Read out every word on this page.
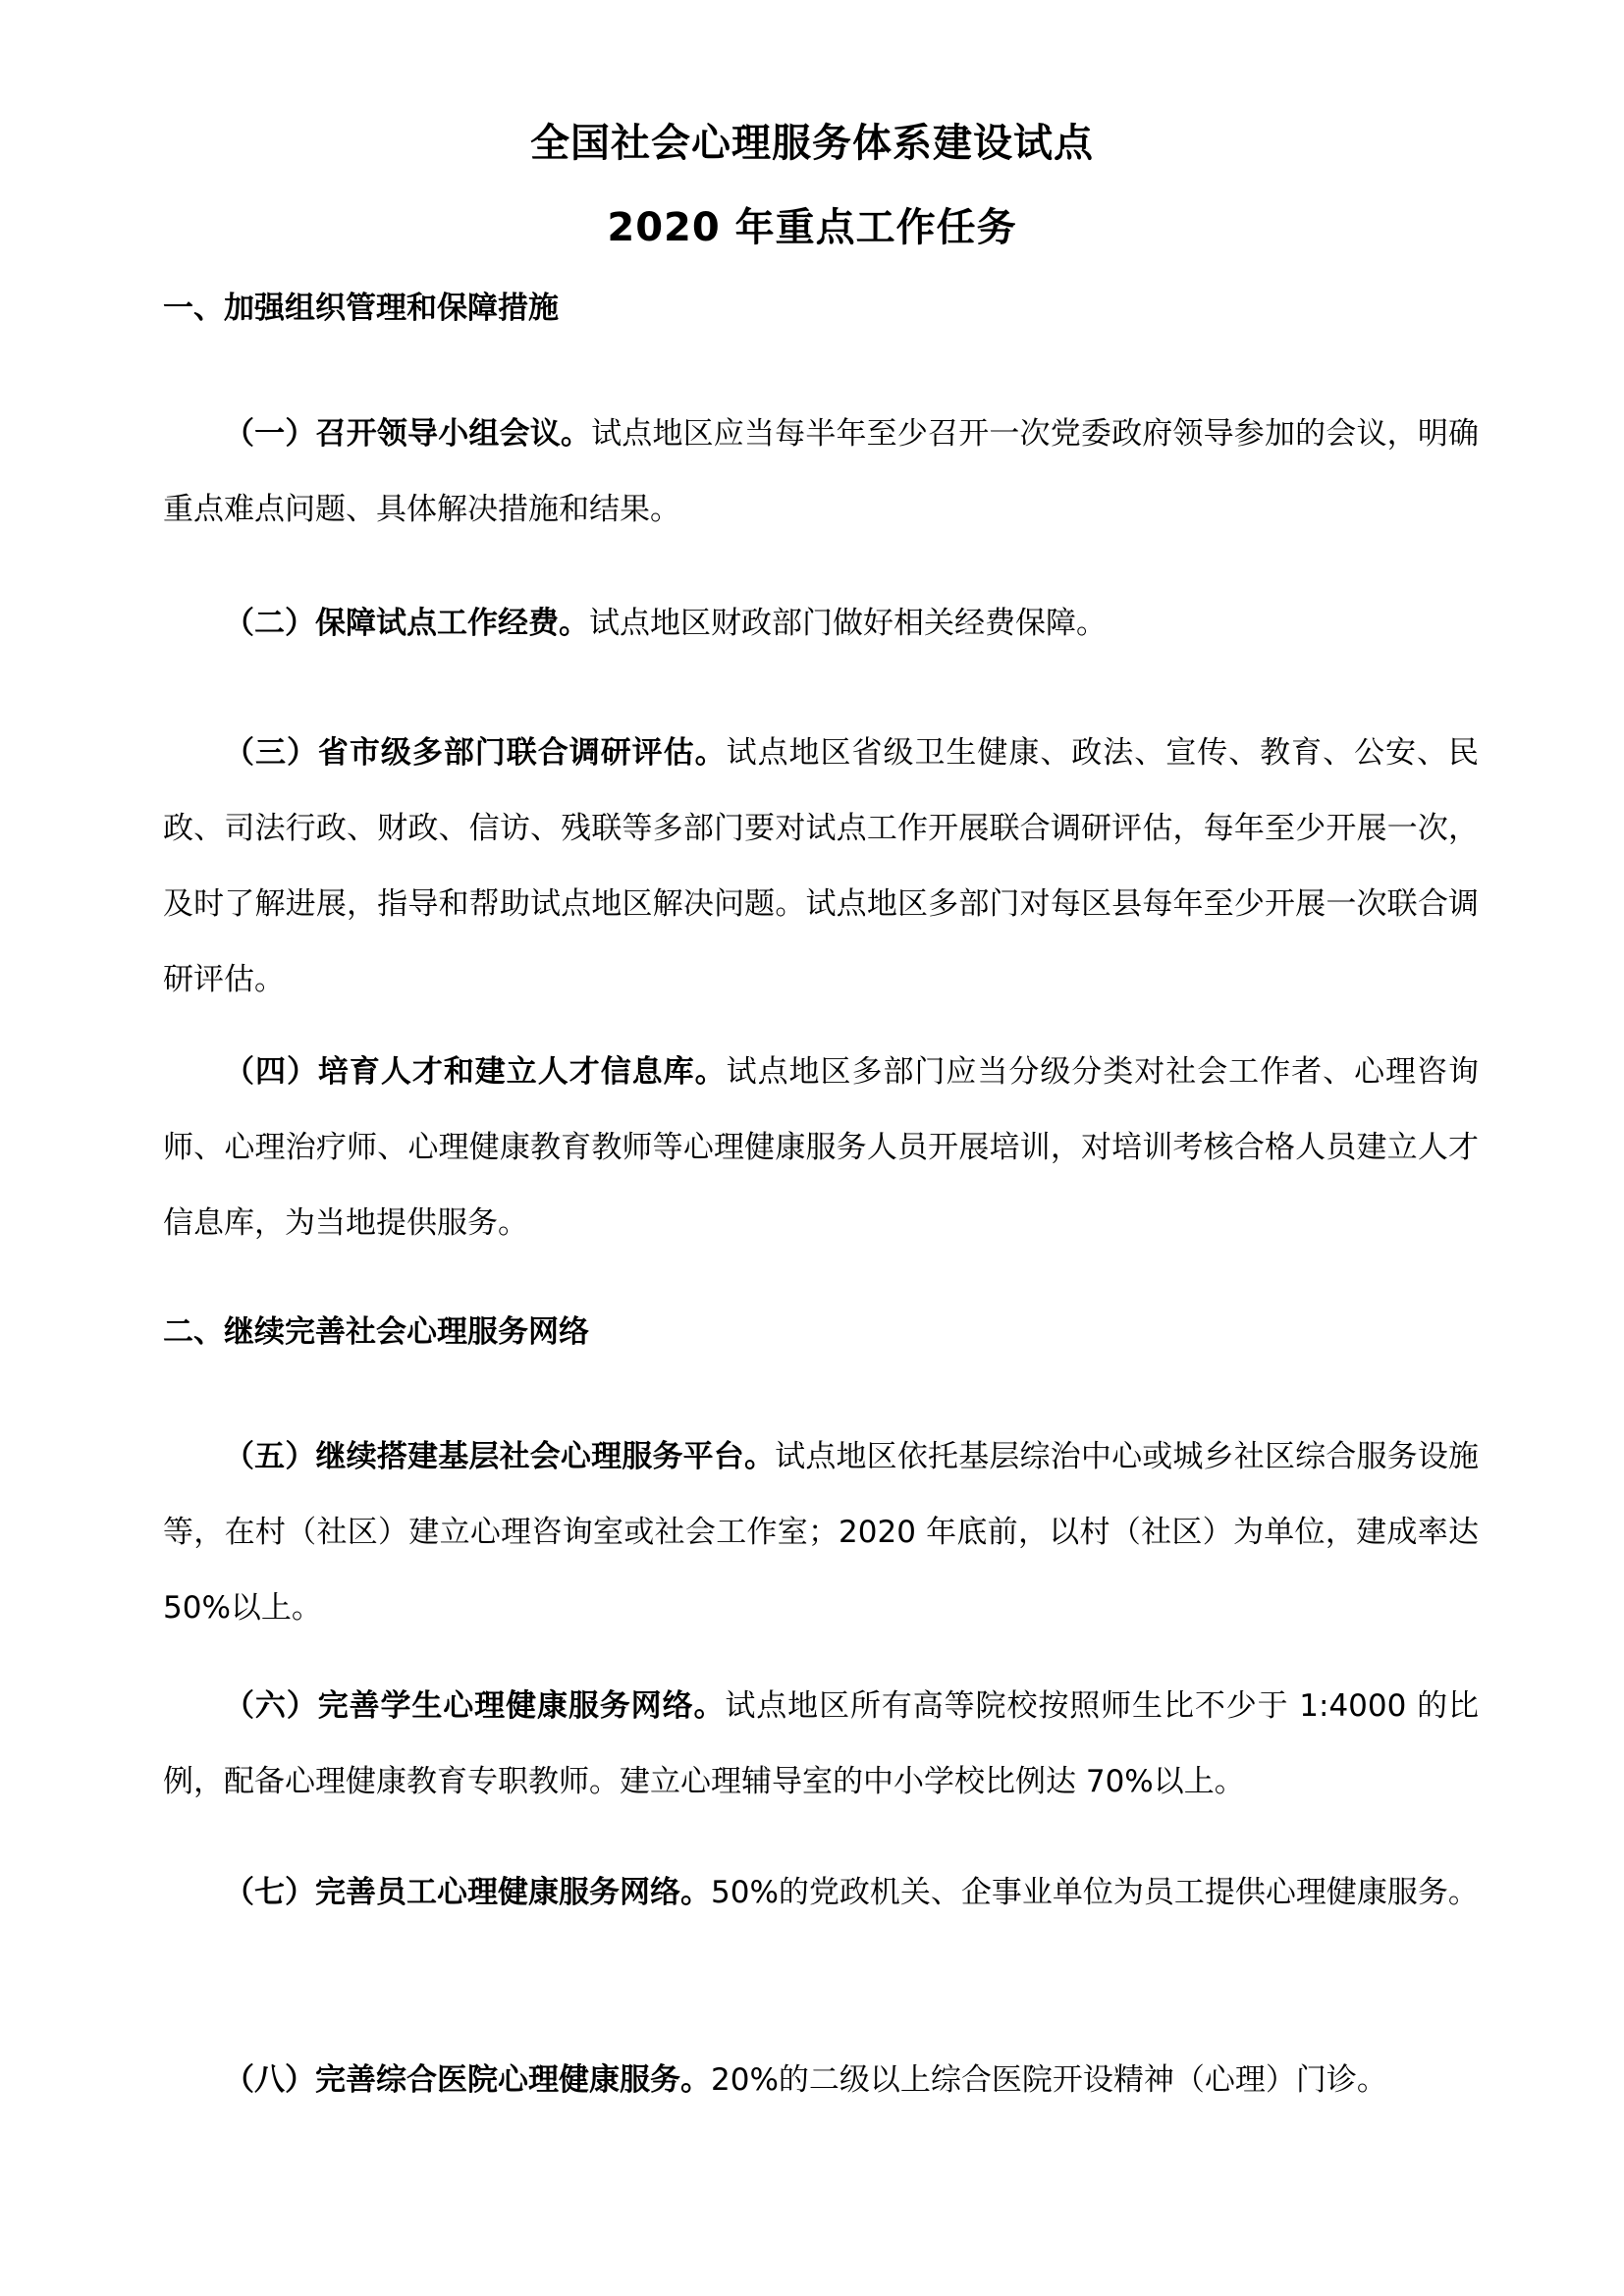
全国社会心理服务体系建设试点
2020 年重点工作任务
一、加强组织管理和保障措施
（一）召开领导小组会议。试点地区应当每半年至少召开一次党委政府领导参加的会议，明确重点难点问题、具体解决措施和结果。
（二）保障试点工作经费。试点地区财政部门做好相关经费保障。
（三）省市级多部门联合调研评估。试点地区省级卫生健康、政法、宣传、教育、公安、民政、司法行政、财政、信访、残联等多部门要对试点工作开展联合调研评估，每年至少开展一次，及时了解进展，指导和帮助试点地区解决问题。试点地区多部门对每区县每年至少开展一次联合调研评估。
（四）培育人才和建立人才信息库。试点地区多部门应当分级分类对社会工作者、心理咨询师、心理治疗师、心理健康教育教师等心理健康服务人员开展培训，对培训考核合格人员建立人才信息库，为当地提供服务。
二、继续完善社会心理服务网络
（五）继续搭建基层社会心理服务平台。试点地区依托基层综治中心或城乡社区综合服务设施等，在村（社区）建立心理咨询室或社会工作室；2020 年底前，以村（社区）为单位，建成率达 50%以上。
（六）完善学生心理健康服务网络。试点地区所有高等院校按照师生比不少于 1:4000 的比例，配备心理健康教育专职教师。建立心理辅导室的中小学校比例达 70%以上。
（七）完善员工心理健康服务网络。50%的党政机关、企事业单位为员工提供心理健康服务。
（八）完善综合医院心理健康服务。20%的二级以上综合医院开设精神（心理）门诊。
